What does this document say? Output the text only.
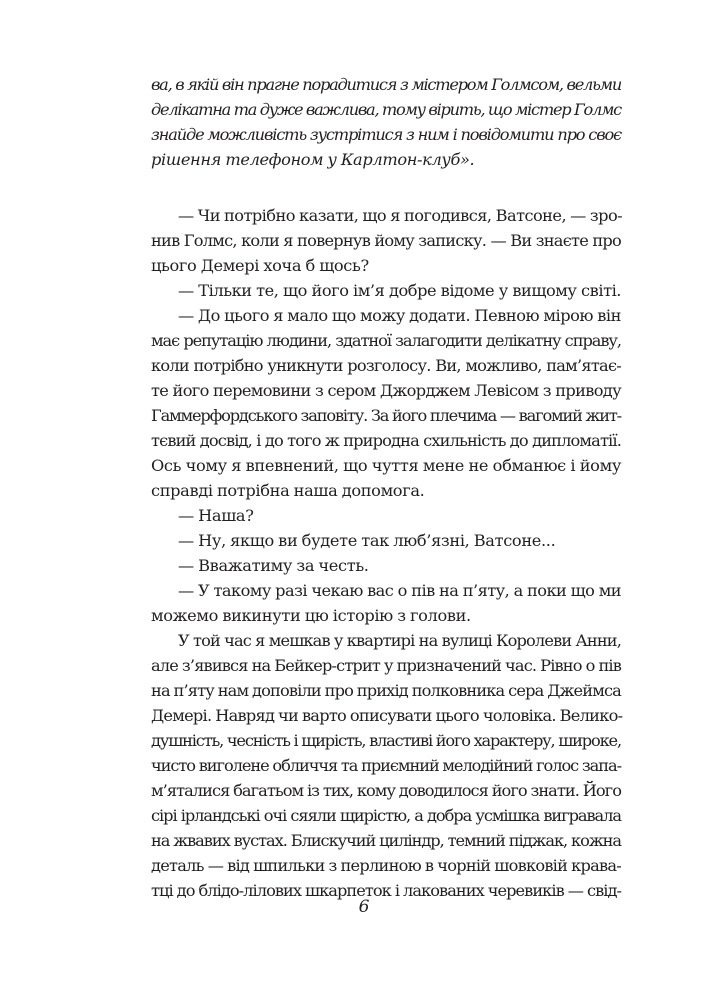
ва, в якій він прагне порадитися з містером Голмсом, вельми
делікатна та дуже важлива, тому вірить, що містер Голмс
знайде можливість зустрітися з ним і повідомити про своє
рішення телефоном у Карлтон-клуб».
— Чи потрібно казати, що я погодився, Ватсоне, — зро-
нив Голмс, коли я повернув йому записку. — Ви знаєте про
цього Демері хоча б щось?
— Тільки те, що його ім’я добре відоме у вищому світі.
— До цього я мало що можу додати. Певною мірою він
має репутацію людини, здатної залагодити делікатну справу,
коли потрібно уникнути розголосу. Ви, можливо, пам’ятає-
те його перемовини з сером Джорджем Левісом з приводу
Гаммерфордського заповіту. За його плечима — вагомий жит-
тєвий досвід, і до того ж природна схильність до дипломатії.
Ось чому я впевнений, що чуття мене не обманює і йому
справді потрібна наша допомога.
— Наша?
— Ну, якщо ви будете так люб’язні, Ватсоне...
— Вважатиму за честь.
— У такому разі чекаю вас о пів на п’яту, а поки що ми
можемо викинути цю історію з голови.
У той час я мешкав у квартирі на вулиці Королеви Анни,
але з’явився на Бейкер-стрит у призначений час. Рівно о пів
на п’яту нам доповіли про прихід полковника сера Джеймса
Демері. Навряд чи варто описувати цього чоловіка. Велико-
душність, чесність і щирість, властиві його характеру, широке,
чисто виголене обличчя та приємний мелодійний голос запа-
м’яталися багатьом із тих, кому доводилося його знати. Його
сірі ірландські очі сяяли щирістю, а добра усмішка вигравала
на жвавих вустах. Блискучий циліндр, темний піджак, кожна
деталь — від шпильки з перлиною в чорній шовковій крава-
тці до блідо-лілових шкарпеток і лакованих черевиків — свід-
6
